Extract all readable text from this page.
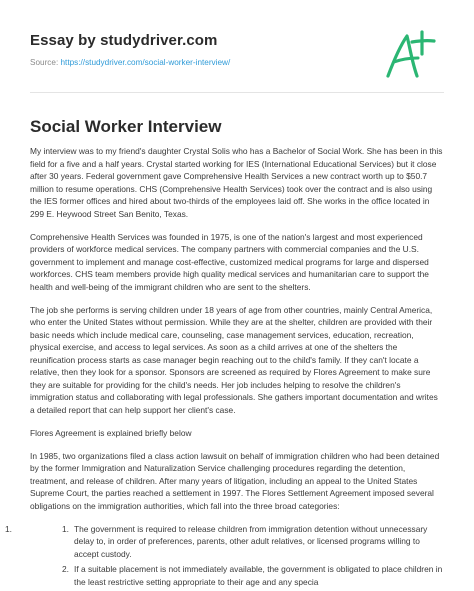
Essay by studydriver.com
Source: https://studydriver.com/social-worker-interview/
Social Worker Interview

My interview was to my friend's daughter Crystal Solis who has a Bachelor of Social Work. She has been in this field for a five and a half years. Crystal started working for IES (International Educational Services) but it close after 30 years. Federal government gave Comprehensive Health Services a new contract worth up to $50.7 million to resume operations. CHS (Comprehensive Health Services) took over the contract and is also using the IES former offices and hired about two-thirds of the employees laid off. She works in the office located in 299 E. Heywood Street San Benito, Texas.

Comprehensive Health Services was founded in 1975, is one of the nation's largest and most experienced providers of workforce medical services. The company partners with commercial companies and the U.S. government to implement and manage cost-effective, customized medical programs for large and dispersed workforces. CHS team members provide high quality medical services and humanitarian care to support the health and well-being of the immigrant children who are sent to the shelters.

The job she performs is serving children under 18 years of age from other countries, mainly Central America, who enter the United States without permission. While they are at the shelter, children are provided with their basic needs which include medical care, counseling, case management services, education, recreation, physical exercise, and access to legal services. As soon as a child arrives at one of the shelters the reunification process starts as case manager begin reaching out to the child's family. If they can't locate a relative, then they look for a sponsor. Sponsors are screened as required by Flores Agreement to make sure they are suitable for providing for the child's needs. Her job includes helping to resolve the children's immigration status and collaborating with legal professionals. She gathers important documentation and writes a detailed report that can help support her client's case.

Flores Agreement is explained briefly below

In 1985, two organizations filed a class action lawsuit on behalf of immigration children who had been detained by the former Immigration and Naturalization Service challenging procedures regarding the detention, treatment, and release of children. After many years of litigation, including an appeal to the United States Supreme Court, the parties reached a settlement in 1997. The Flores Settlement Agreement imposed several obligations on the immigration authorities, which fall into the three broad categories:

1.	1. The government is required to release children from immigration detention without unnecessary delay to, in order of preferences, parents, other adult relatives, or licensed programs willing to accept custody.
2. If a suitable placement is not immediately available, the government is obligated to place children in the least restrictive setting appropriate to their age and any specia
